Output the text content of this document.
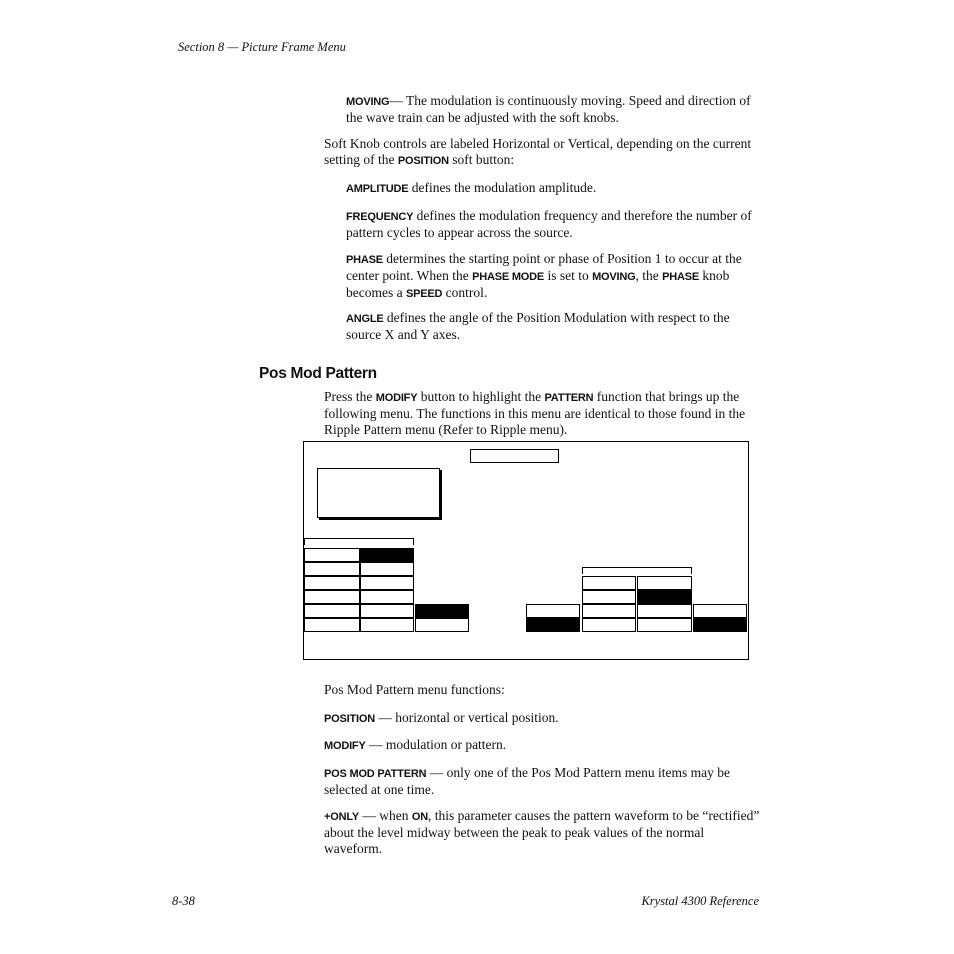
Section 8 — Picture Frame Menu
MOVING— The modulation is continuously moving. Speed and direction of the wave train can be adjusted with the soft knobs.
Soft Knob controls are labeled Horizontal or Vertical, depending on the current setting of the POSITION soft button:
AMPLITUDE defines the modulation amplitude.
FREQUENCY defines the modulation frequency and therefore the number of pattern cycles to appear across the source.
PHASE determines the starting point or phase of Position 1 to occur at the center point. When the PHASE MODE is set to MOVING, the PHASE knob becomes a SPEED control.
ANGLE defines the angle of the Position Modulation with respect to the source X and Y axes.
Pos Mod Pattern
Press the MODIFY button to highlight the PATTERN function that brings up the following menu. The functions in this menu are identical to those found in the Ripple Pattern menu (Refer to Ripple menu).
Pos Mod Pattern menu functions:
POSITION — horizontal or vertical position.
MODIFY — modulation or pattern.
POS MOD PATTERN — only one of the Pos Mod Pattern menu items may be selected at one time.
+ONLY — when ON, this parameter causes the pattern waveform to be “rectified” about the level midway between the peak to peak values of the normal waveform.
8-38	Krystal 4300 Reference
